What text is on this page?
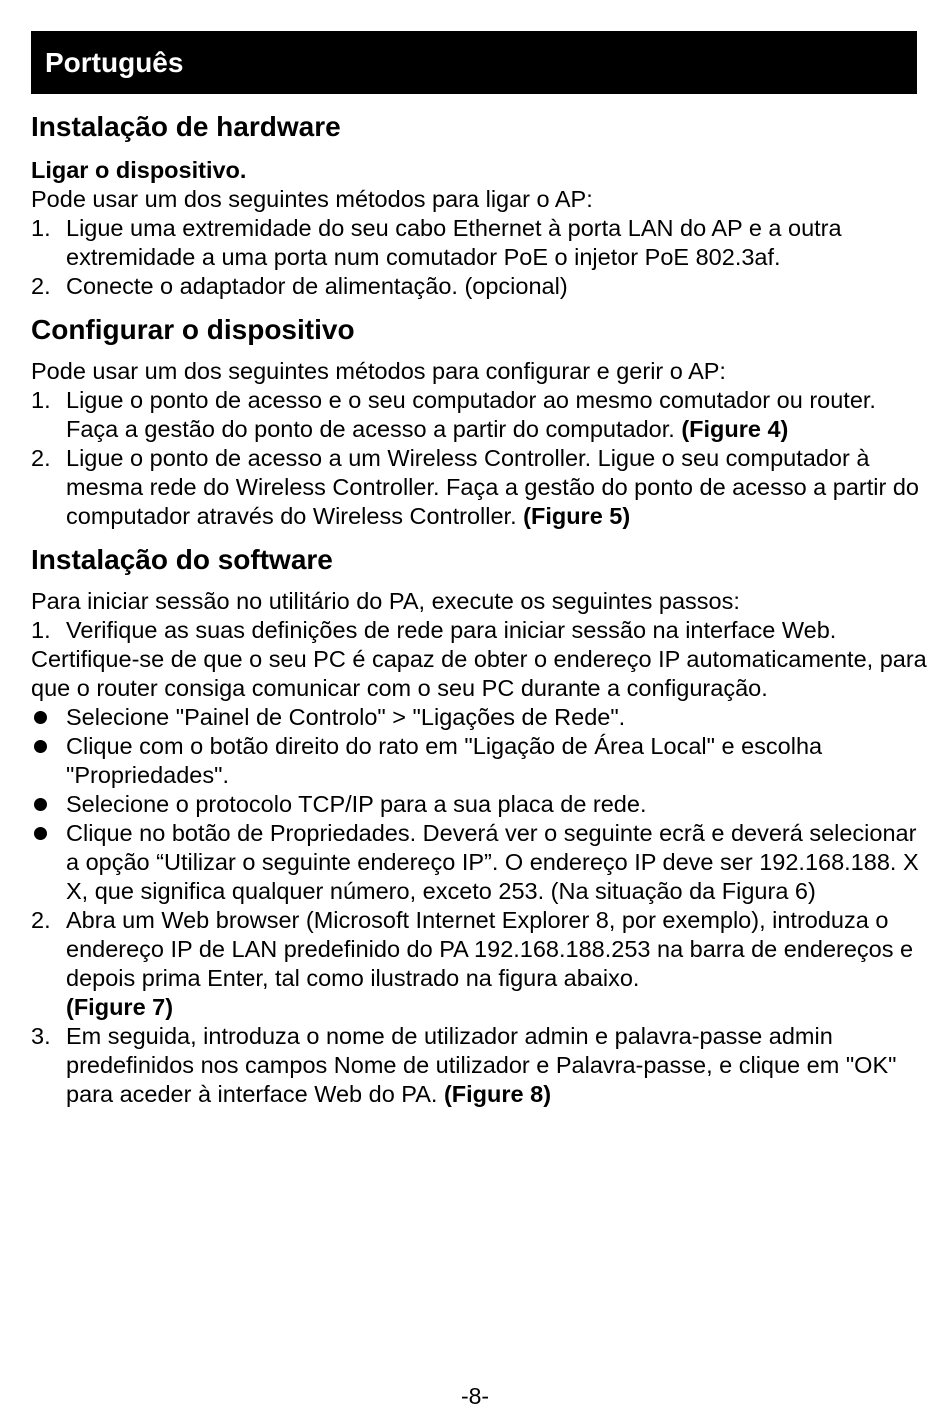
Português
Instalação de hardware

Ligar o dispositivo.

Pode usar um dos seguintes métodos para ligar o AP:

1. Ligue uma extremidade do seu cabo Ethernet à porta LAN do AP e a outra extremidade a uma porta num comutador PoE o injetor PoE 802.3af.
2. Conecte o adaptador de alimentação. (opcional)
Configurar o dispositivo

Pode usar um dos seguintes métodos para configurar e gerir o AP:

1. Ligue o ponto de acesso e o seu computador ao mesmo comutador ou router. Faça a gestão do ponto de acesso a partir do computador. (Figure 4)
2. Ligue o ponto de acesso a um Wireless Controller. Ligue o seu computador à mesma rede do Wireless Controller. Faça a gestão do ponto de acesso a partir do computador através do Wireless Controller. (Figure 5)
Instalação do software

Para iniciar sessão no utilitário do PA, execute os seguintes passos:

1. Verifique as suas definições de rede para iniciar sessão na interface Web.

Certifique-se de que o seu PC é capaz de obter o endereço IP automaticamente, para que o router consiga comunicar com o seu PC durante a configuração.

Selecione "Painel de Controlo" > "Ligações de Rede".
Clique com o botão direito do rato em "Ligação de Área Local" e escolha "Propriedades".
Selecione o protocolo TCP/IP para a sua placa de rede.
Clique no botão de Propriedades. Deverá ver o seguinte ecrã e deverá selecionar a opção “Utilizar o seguinte endereço IP”. O endereço IP deve ser 192.168.188. X X, que significa qualquer número, exceto 253. (Na situação da Figura 6)
2. Abra um Web browser (Microsoft Internet Explorer 8, por exemplo), introduza o endereço IP de LAN predefinido do PA 192.168.188.253 na barra de endereços e depois prima Enter, tal como ilustrado na figura abaixo.
(Figure 7)
3. Em seguida, introduza o nome de utilizador admin e palavra-passe admin predefinidos nos campos Nome de utilizador e Palavra-passe, e clique em "OK" para aceder à interface Web do PA. (Figure 8)
-8-
